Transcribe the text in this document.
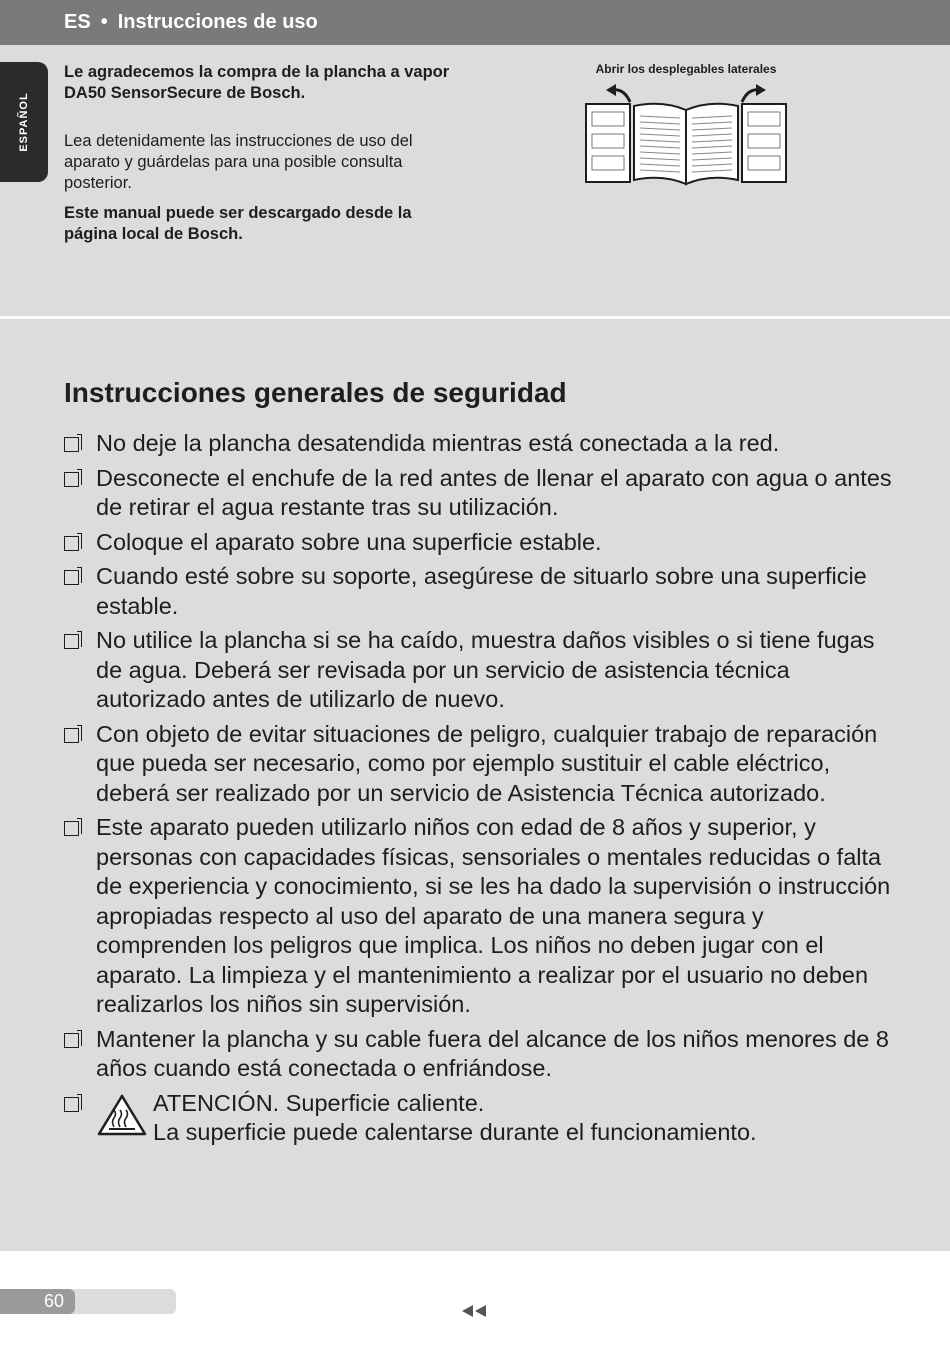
ES • Instrucciones de uso
ESPAÑOL

Le agradecemos la compra de la plancha a vapor DA50 SensorSecure de Bosch.

Lea detenidamente las instrucciones de uso del aparato y guárdelas para una posible consulta posterior.

Este manual puede ser descargado desde la página local de Bosch.

Abrir los desplegables laterales
Instrucciones generales de seguridad
No deje la plancha desatendida mientras está conectada a la red.
Desconecte el enchufe de la red antes de llenar el aparato con agua o antes de retirar el agua restante tras su utilización.
Coloque el aparato sobre una superficie estable.
Cuando esté sobre su soporte, asegúrese de situarlo sobre una superficie estable.
No utilice la plancha si se ha caído, muestra daños visibles o si tiene fugas de agua. Deberá ser revisada por un servicio de asistencia técnica autorizado antes de utilizarlo de nuevo.
Con objeto de evitar situaciones de peligro, cualquier trabajo de reparación que pueda ser necesario, como por ejemplo sustituir el cable eléctrico, deberá ser realizado por un servicio de Asistencia Técnica autorizado.
Este aparato pueden utilizarlo niños con edad de 8 años y superior, y personas con capacidades físicas, sensoriales o mentales reducidas o falta de experiencia y conocimiento, si se les ha dado la supervisión o instrucción apropiadas respecto al uso del aparato de una manera segura y comprenden los peligros que implica. Los niños no deben jugar con el aparato. La limpieza y el mantenimiento a realizar por el usuario no deben realizarlos los niños sin supervisión.
Mantener la plancha y su cable fuera del alcance de los niños menores de 8 años cuando está conectada o enfriándose.
ATENCIÓN. Superficie caliente.
La superficie puede calentarse durante el funcionamiento.
60
